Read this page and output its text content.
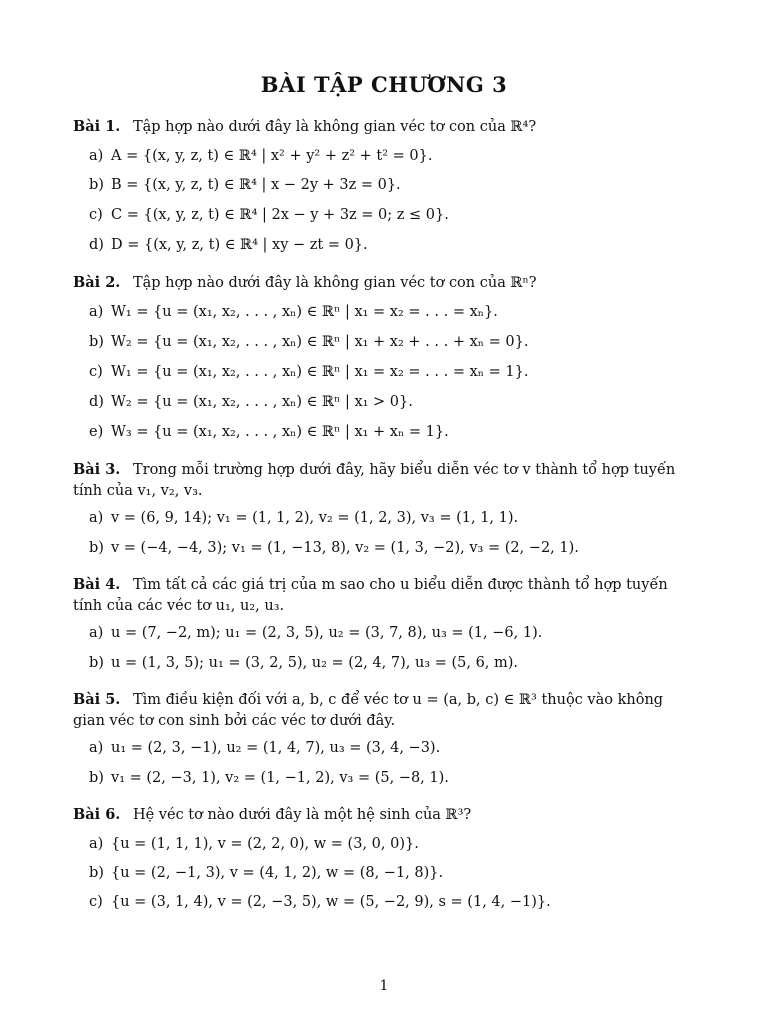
BÀI TẬP CHƯƠNG 3
Bài 1. Tập hợp nào dưới đây là không gian véc tơ con của ℝ⁴?
a) A = {(x, y, z, t) ∈ ℝ⁴ | x² + y² + z² + t² = 0}.
b) B = {(x, y, z, t) ∈ ℝ⁴ | x − 2y + 3z = 0}.
c) C = {(x, y, z, t) ∈ ℝ⁴ | 2x − y + 3z = 0; z ≤ 0}.
d) D = {(x, y, z, t) ∈ ℝ⁴ | xy − zt = 0}.
Bài 2. Tập hợp nào dưới đây là không gian véc tơ con của ℝⁿ?
a) W₁ = {u = (x₁, x₂, . . . , xₙ) ∈ ℝⁿ | x₁ = x₂ = . . . = xₙ}.
b) W₂ = {u = (x₁, x₂, . . . , xₙ) ∈ ℝⁿ | x₁ + x₂ + . . . + xₙ = 0}.
c) W₁ = {u = (x₁, x₂, . . . , xₙ) ∈ ℝⁿ | x₁ = x₂ = . . . = xₙ = 1}.
d) W₂ = {u = (x₁, x₂, . . . , xₙ) ∈ ℝⁿ | x₁ > 0}.
e) W₃ = {u = (x₁, x₂, . . . , xₙ) ∈ ℝⁿ | x₁ + xₙ = 1}.
Bài 3. Trong mỗi trường hợp dưới đây, hãy biểu diễn véc tơ v thành tổ hợp tuyến tính của v₁, v₂, v₃.
a) v = (6, 9, 14); v₁ = (1, 1, 2), v₂ = (1, 2, 3), v₃ = (1, 1, 1).
b) v = (−4, −4, 3); v₁ = (1, −13, 8), v₂ = (1, 3, −2), v₃ = (2, −2, 1).
Bài 4. Tìm tất cả các giá trị của m sao cho u biểu diễn được thành tổ hợp tuyến tính của các véc tơ u₁, u₂, u₃.
a) u = (7, −2, m); u₁ = (2, 3, 5), u₂ = (3, 7, 8), u₃ = (1, −6, 1).
b) u = (1, 3, 5); u₁ = (3, 2, 5), u₂ = (2, 4, 7), u₃ = (5, 6, m).
Bài 5. Tìm điều kiện đối với a, b, c để véc tơ u = (a, b, c) ∈ ℝ³ thuộc vào không gian véc tơ con sinh bởi các véc tơ dưới đây.
a) u₁ = (2, 3, −1), u₂ = (1, 4, 7), u₃ = (3, 4, −3).
b) v₁ = (2, −3, 1), v₂ = (1, −1, 2), v₃ = (5, −8, 1).
Bài 6. Hệ véc tơ nào dưới đây là một hệ sinh của ℝ³?
a) {u = (1, 1, 1), v = (2, 2, 0), w = (3, 0, 0)}.
b) {u = (2, −1, 3), v = (4, 1, 2), w = (8, −1, 8)}.
c) {u = (3, 1, 4), v = (2, −3, 5), w = (5, −2, 9), s = (1, 4, −1)}.
1
